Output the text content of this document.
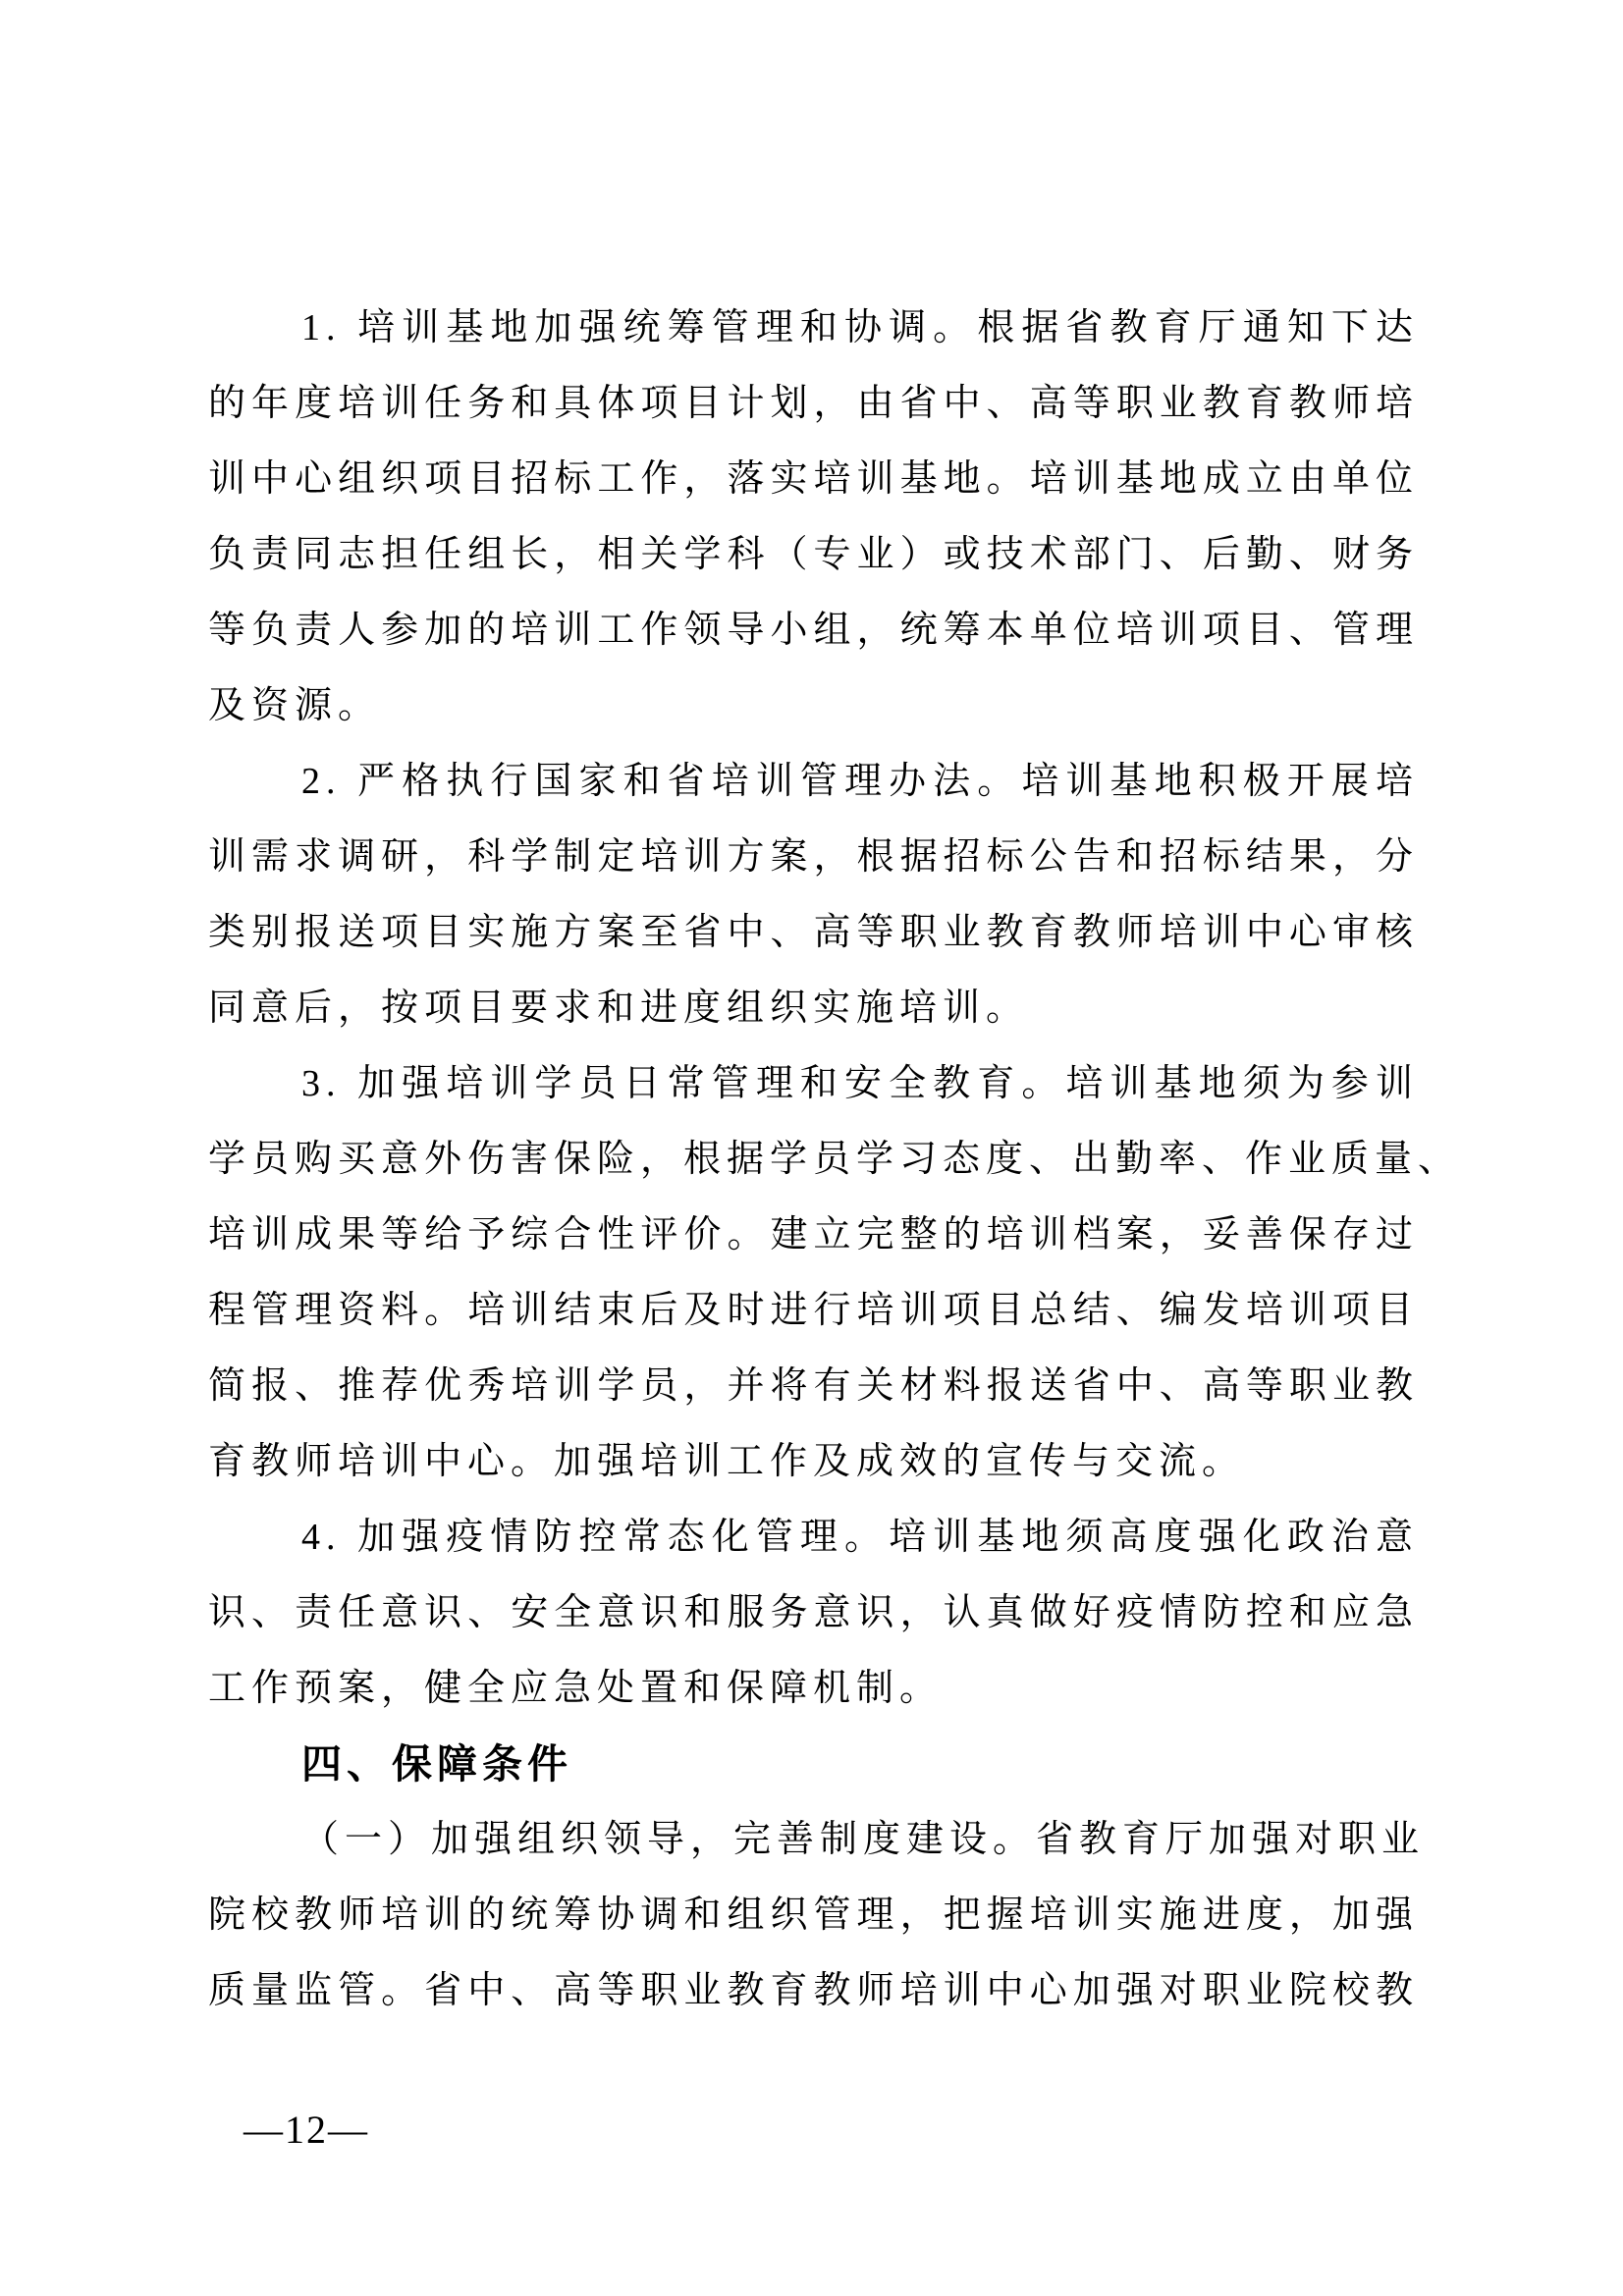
1. 培训基地加强统筹管理和协调。根据省教育厅通知下达
的年度培训任务和具体项目计划，由省中、高等职业教育教师培
训中心组织项目招标工作，落实培训基地。培训基地成立由单位
负责同志担任组长，相关学科（专业）或技术部门、后勤、财务
等负责人参加的培训工作领导小组，统筹本单位培训项目、管理
及资源。
2. 严格执行国家和省培训管理办法。培训基地积极开展培
训需求调研，科学制定培训方案，根据招标公告和招标结果，分
类别报送项目实施方案至省中、高等职业教育教师培训中心审核
同意后，按项目要求和进度组织实施培训。
3. 加强培训学员日常管理和安全教育。培训基地须为参训
学员购买意外伤害保险，根据学员学习态度、出勤率、作业质量、
培训成果等给予综合性评价。建立完整的培训档案，妥善保存过
程管理资料。培训结束后及时进行培训项目总结、编发培训项目
简报、推荐优秀培训学员，并将有关材料报送省中、高等职业教
育教师培训中心。加强培训工作及成效的宣传与交流。
4. 加强疫情防控常态化管理。培训基地须高度强化政治意
识、责任意识、安全意识和服务意识，认真做好疫情防控和应急
工作预案，健全应急处置和保障机制。
四、保障条件
（一）加强组织领导，完善制度建设。省教育厅加强对职业
院校教师培训的统筹协调和组织管理，把握培训实施进度，加强
质量监管。省中、高等职业教育教师培训中心加强对职业院校教
—12—
